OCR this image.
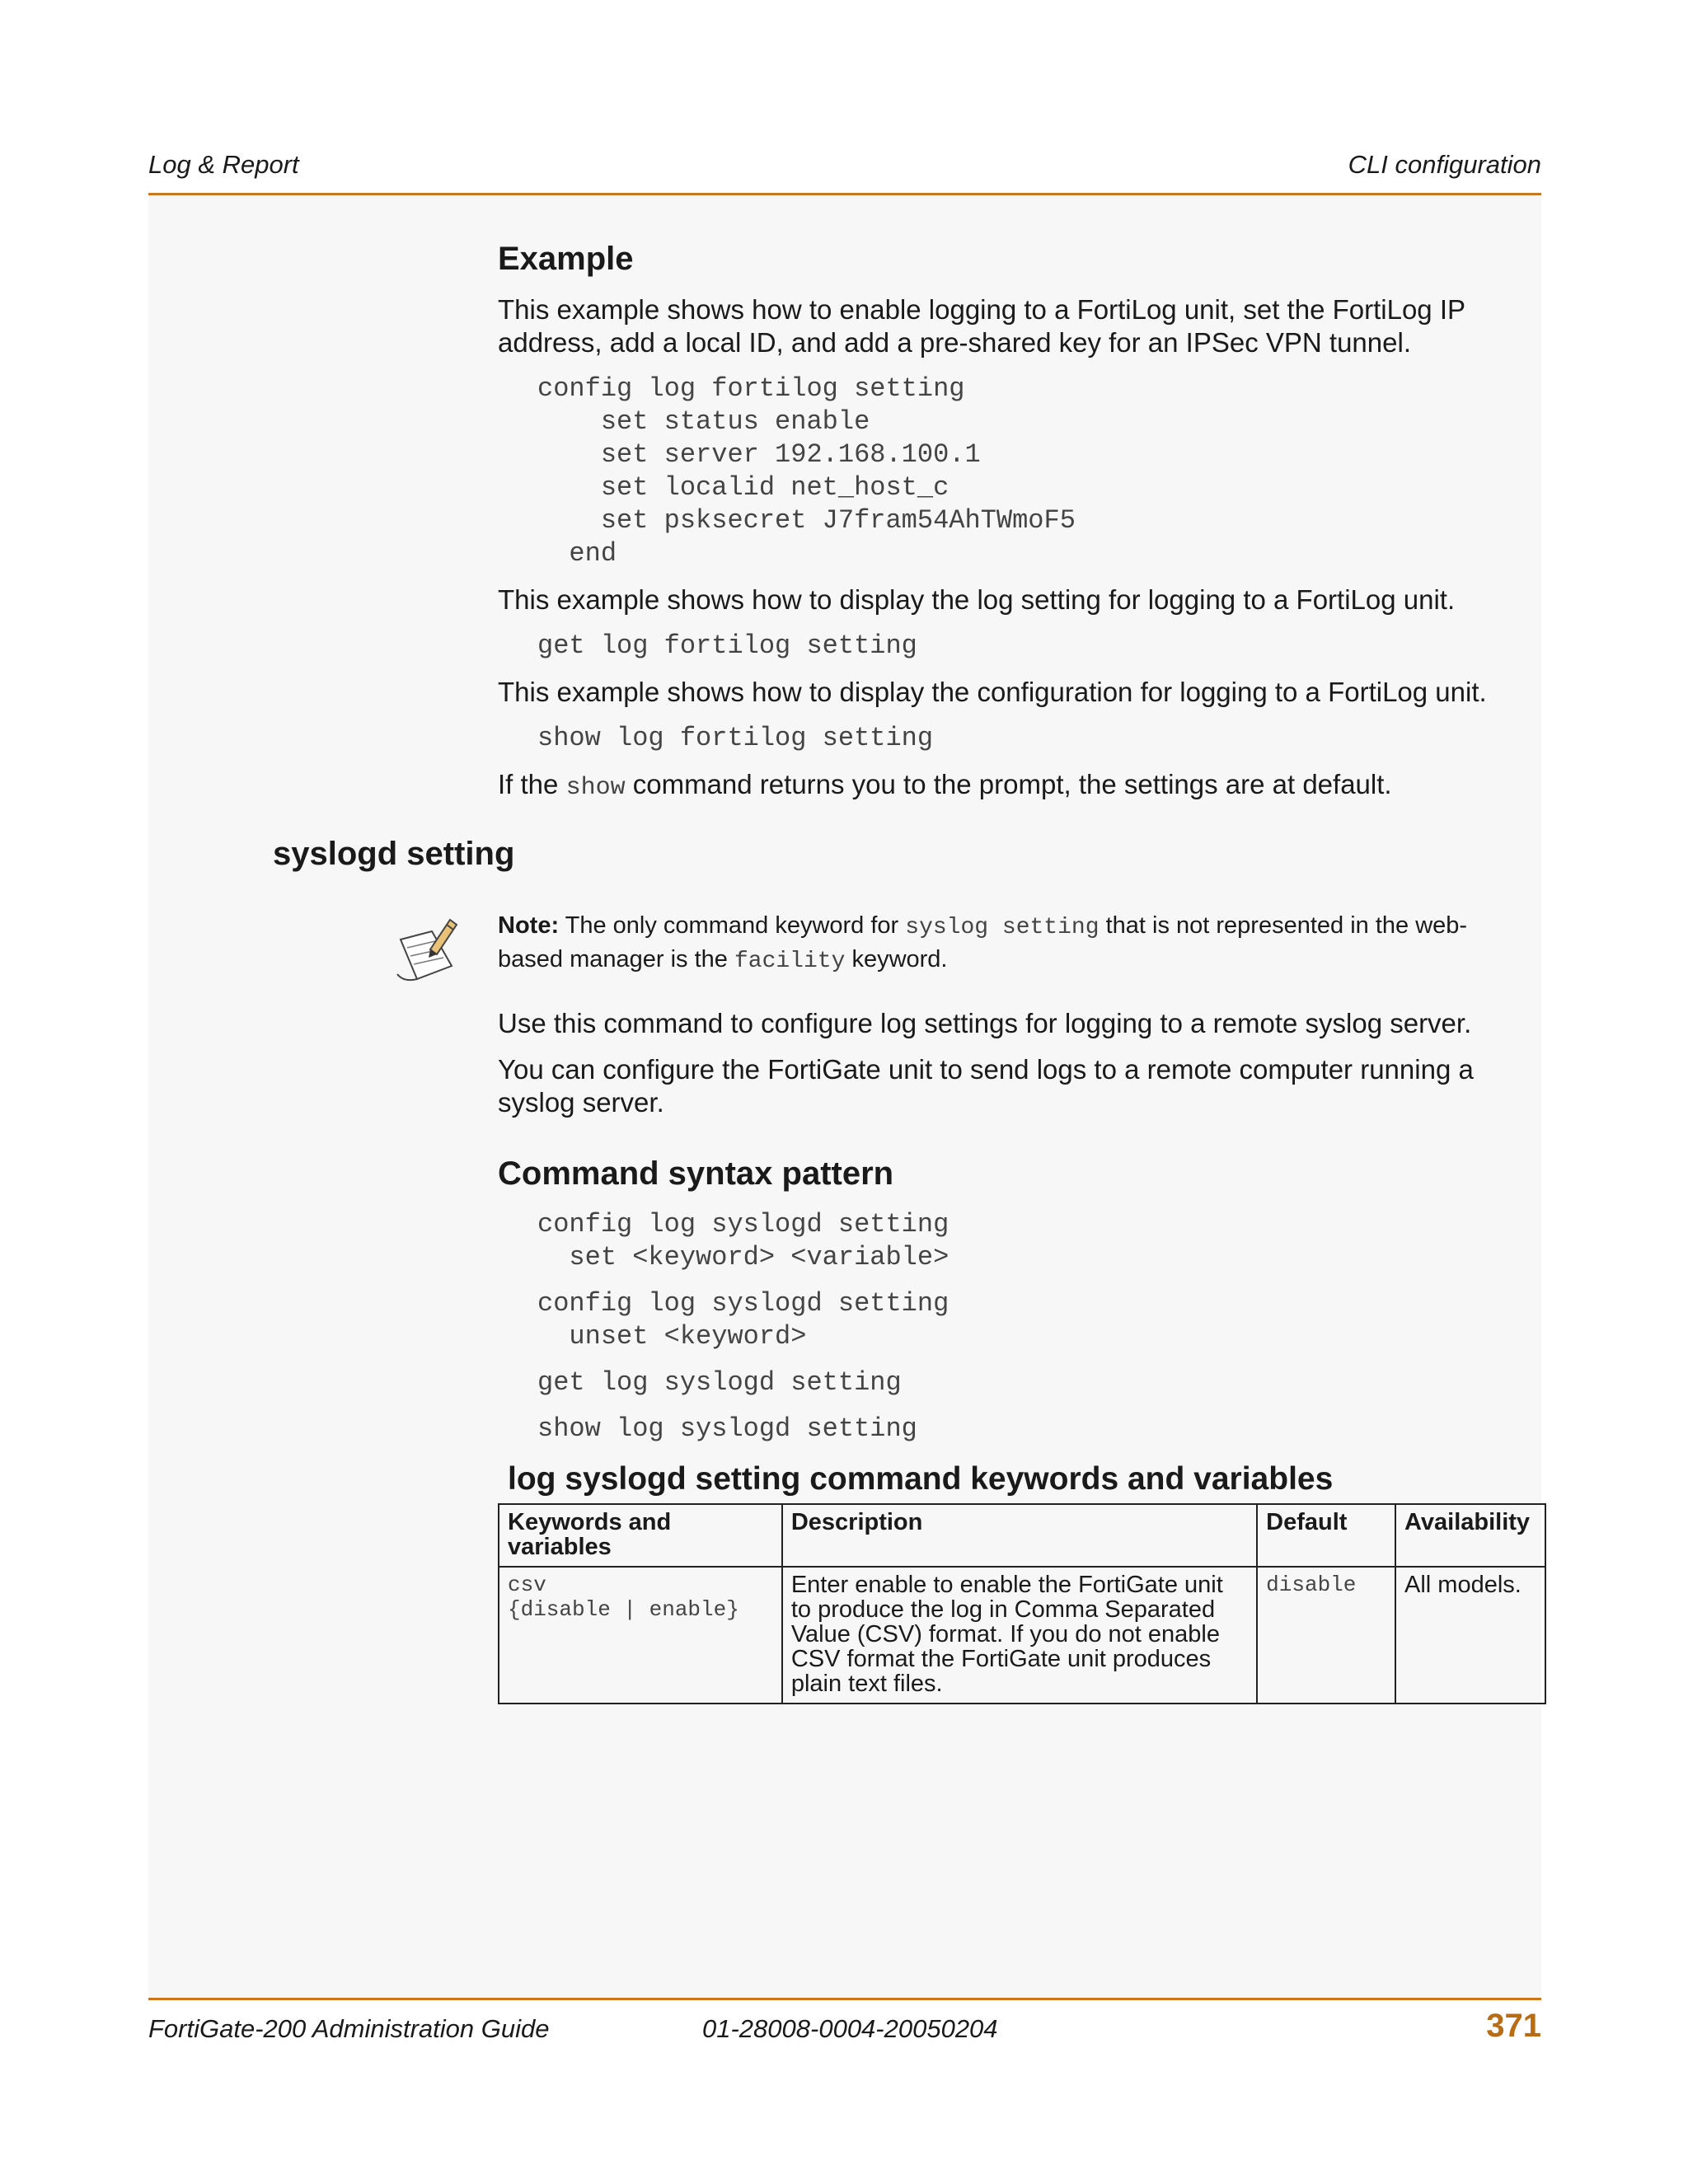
Log & Report	CLI configuration
Example

This example shows how to enable logging to a FortiLog unit, set the FortiLog IP address, add a local ID, and add a pre-shared key for an IPSec VPN tunnel.

config log fortilog setting
set status enable
set server 192.168.100.1
set localid net_host_c
set psksecret J7fram54AhTWmoF5
end

This example shows how to display the log setting for logging to a FortiLog unit.

get log fortilog setting

This example shows how to display the configuration for logging to a FortiLog unit.

show log fortilog setting

If the show command returns you to the prompt, the settings are at default.

syslogd setting
Note: The only command keyword for syslog setting that is not represented in the web-based manager is the facility keyword.

Use this command to configure log settings for logging to a remote syslog server.

You can configure the FortiGate unit to send logs to a remote computer running a syslog server.

Command syntax pattern
config log syslogd setting
set <keyword> <variable>
config log syslogd setting
unset <keyword>
get log syslogd setting
show log syslogd setting
log syslogd setting command keywords and variables
Keywords and variables	Description	Default	Availability
csv
{disable | enable}	Enter enable to enable the FortiGate unit to produce the log in Comma Separated Value (CSV) format. If you do not enable CSV format the FortiGate unit produces plain text files.	disable	All models.
FortiGate-200 Administration Guide	01-28008-0004-20050204	371
